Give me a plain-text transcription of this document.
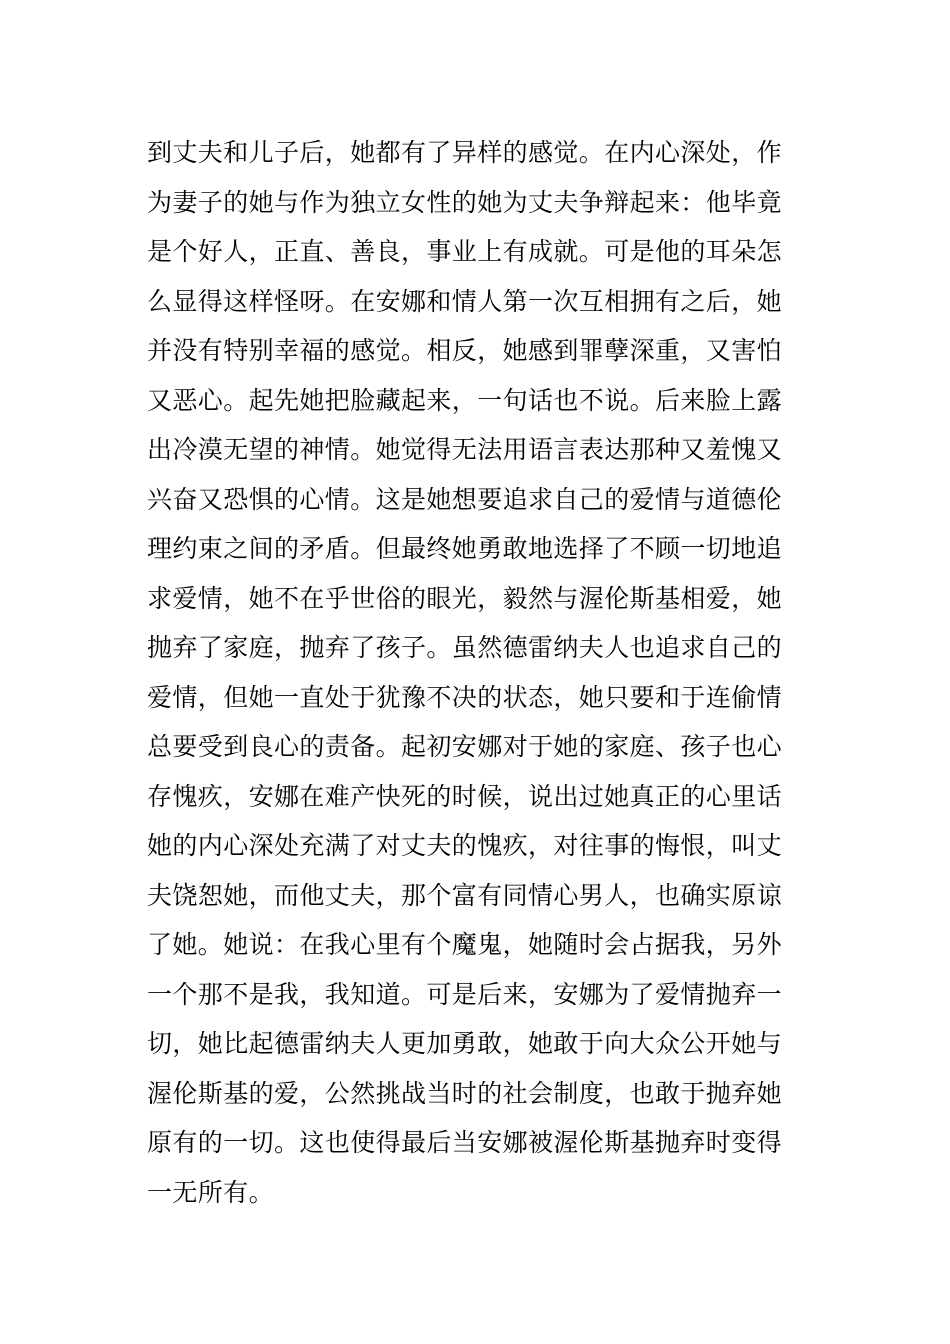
到丈夫和儿子后，她都有了异样的感觉。在内心深处，作
为妻子的她与作为独立女性的她为丈夫争辩起来：他毕竟
是个好人，正直、善良，事业上有成就。可是他的耳朵怎
么显得这样怪呀。在安娜和情人第一次互相拥有之后，她
并没有特别幸福的感觉。相反，她感到罪孽深重，又害怕
又恶心。起先她把脸藏起来，一句话也不说。后来脸上露
出冷漠无望的神情。她觉得无法用语言表达那种又羞愧又
兴奋又恐惧的心情。这是她想要追求自己的爱情与道德伦
理约束之间的矛盾。但最终她勇敢地选择了不顾一切地追
求爱情，她不在乎世俗的眼光，毅然与渥伦斯基相爱，她
抛弃了家庭，抛弃了孩子。虽然德雷纳夫人也追求自己的
爱情，但她一直处于犹豫不决的状态，她只要和于连偷情
总要受到良心的责备。起初安娜对于她的家庭、孩子也心
存愧疚，安娜在难产快死的时候，说出过她真正的心里话
她的内心深处充满了对丈夫的愧疚，对往事的悔恨，叫丈
夫饶恕她，而他丈夫，那个富有同情心男人，也确实原谅
了她。她说：在我心里有个魔鬼，她随时会占据我，另外
一个那不是我，我知道。可是后来，安娜为了爱情抛弃一
切，她比起德雷纳夫人更加勇敢，她敢于向大众公开她与
渥伦斯基的爱，公然挑战当时的社会制度，也敢于抛弃她
原有的一切。这也使得最后当安娜被渥伦斯基抛弃时变得
一无所有。
